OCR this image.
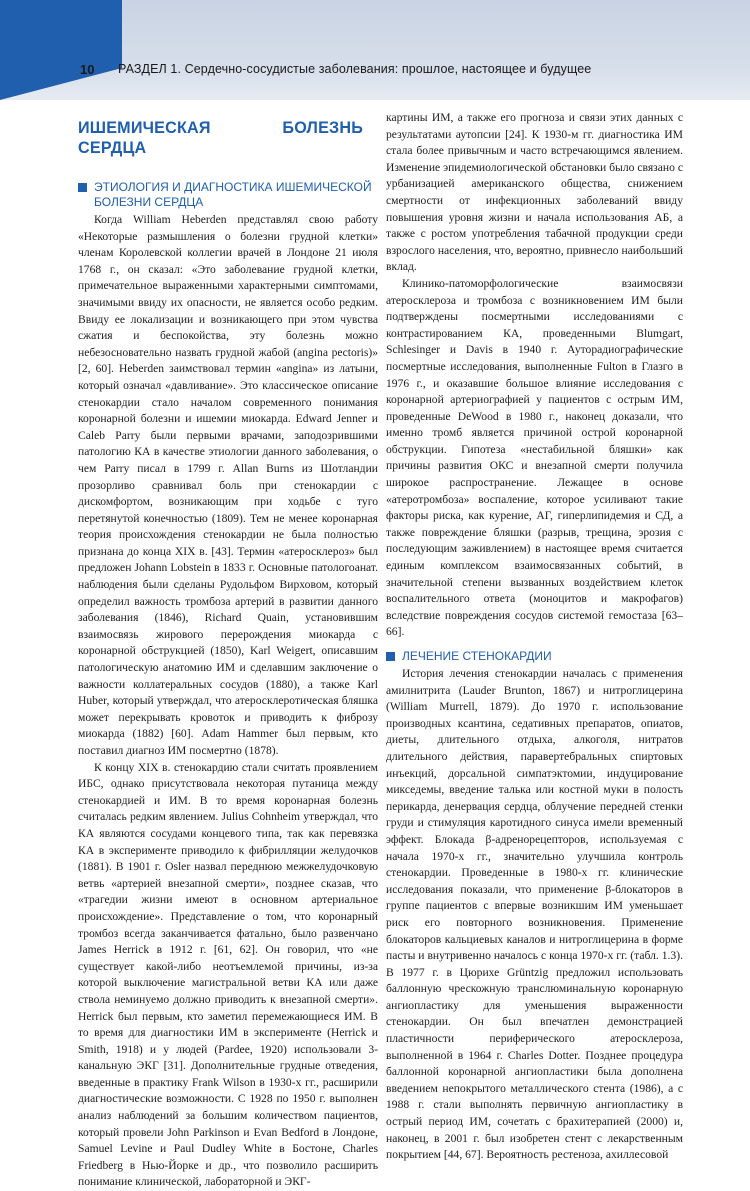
10 РАЗДЕЛ 1. Сердечно-сосудистые заболевания: прошлое, настоящее и будущее
ИШЕМИЧЕСКАЯ БОЛЕЗНЬ СЕРДЦА
ЭТИОЛОГИЯ И ДИАГНОСТИКА ИШЕМИЧЕСКОЙ БОЛЕЗНИ СЕРДЦА

Когда William Heberden представлял свою работу «Некоторые размышления о болезни грудной клетки» членам Королевской коллегии врачей в Лондоне 21 июля 1768 г., он сказал: «Это заболевание грудной клетки, примечательное выраженными характерными симптомами, значимыми ввиду их опасности, не является особо редким. Ввиду ее локализации и возникающего при этом чувства сжатия и беспокойства, эту болезнь можно небезосновательно назвать грудной жабой (angina pectoris)» [2, 60]. Heberden заимствовал термин «angina» из латыни, который означал «давливание». Это классическое описание стенокардии стало началом современного понимания коронарной болезни и ишемии миокарда. Edward Jenner и Caleb Parry были первыми врачами, заподозрившими патологию КА в качестве этиологии данного заболевания, о чем Parry писал в 1799 г. Allan Burns из Шотландии прозорливо сравнивал боль при стенокардии с дискомфортом, возникающим при ходьбе с туго перетянутой конечностью (1809). Тем не менее коронарная теория происхождения стенокардии не была полностью признана до конца XIX в. [43]. Термин «атеросклероз» был предложен Johann Lobstein в 1833 г. Основные патологоанат. наблюдения были сделаны Рудольфом Вирховом, который определил важность тромбоза артерий в развитии данного заболевания (1846), Richard Quain, установившим взаимосвязь жирового перерождения миокарда с коронарной обструкцией (1850), Karl Weigert, описавшим патологическую анатомию ИМ и сделавшим заключение о важности коллатеральных сосудов (1880), а также Karl Huber, который утверждал, что атеросклеротическая бляшка может перекрывать кровоток и приводить к фиброзу миокарда (1882) [60]. Adam Hammer был первым, кто поставил диагноз ИМ посмертно (1878).

К концу XIX в. стенокардию стали считать проявлением ИБС, однако присутствовала некоторая путаница между стенокардией и ИМ. В то время коронарная болезнь считалась редким явлением. Julius Cohnheim утверждал, что КА являются сосудами концевого типа, так как перевязка КА в эксперименте приводило к фибрилляции желудочков (1881). В 1901 г. Osler назвал переднюю межжелудочковую ветвь «артерией внезапной смерти», позднее сказав, что «трагедии жизни имеют в основном артериальное происхождение». Представление о том, что коронарный тромбоз всегда заканчивается фатально, было развенчано James Herrick в 1912 г. [61, 62]. Он говорил, что «не существует какой-либо неотъемлемой причины, из-за которой выключение магистральной ветви КА или даже ствола неминуемо должно приводить к внезапной смерти». Herrick был первым, кто заметил перемежающиеся ИМ. В то время для диагностики ИМ в эксперименте (Herrick и Smith, 1918) и у людей (Pardee, 1920) использовали 3-канальную ЭКГ [31]. Дополнительные грудные отведения, введенные в практику Frank Wilson в 1930-х гг., расширили диагностические возможности. С 1928 по 1950 г. выполнен анализ наблюдений за большим количеством пациентов, который провели John Parkinson и Evan Bedford в Лондоне, Samuel Levine и Paul Dudley White в Бостоне, Charles Friedberg в Нью-Йорке и др., что позволило расширить понимание клинической, лабораторной и ЭКГ-

картины ИМ, а также его прогноза и связи этих данных с результатами аутопсии [24]. К 1930-м гг. диагностика ИМ стала более привычным и часто встречающимся явлением. Изменение эпидемиологической обстановки было связано с урбанизацией американского общества, снижением смертности от инфекционных заболеваний ввиду повышения уровня жизни и начала использования АБ, а также с ростом употребления табачной продукции среди взрослого населения, что, вероятно, привнесло наибольший вклад.

Клинико-патоморфологические взаимосвязи атеросклероза и тромбоза с возникновением ИМ были подтверждены посмертными исследованиями с контрастированием КА, проведенными Blumgart, Schlesinger и Davis в 1940 г. Ауторадиографические посмертные исследования, выполненные Fulton в Глазго в 1976 г., и оказавшие большое влияние исследования с коронарной артериографией у пациентов с острым ИМ, проведенные DeWood в 1980 г., наконец доказали, что именно тромб является причиной острой коронарной обструкции. Гипотеза «нестабильной бляшки» как причины развития ОКС и внезапной смерти получила широкое распространение. Лежащее в основе «атеротромбоза» воспаление, которое усиливают такие факторы риска, как курение, АГ, гиперлипидемия и СД, а также повреждение бляшки (разрыв, трещина, эрозия с последующим заживлением) в настоящее время считается единым комплексом взаимосвязанных событий, в значительной степени вызванных воздействием клеток воспалительного ответа (моноцитов и макрофагов) вследствие повреждения сосудов системой гемостаза [63–66].

ЛЕЧЕНИЕ СТЕНОКАРДИИ

История лечения стенокардии началась с применения амилнитрита (Lauder Brunton, 1867) и нитроглицерина (William Murrell, 1879). До 1970 г. использование производных ксантина, седативных препаратов, опиатов, диеты, длительного отдыха, алкоголя, нитратов длительного действия, паравертебральных спиртовых инъекций, дорсальной симпатэктомии, индуцирование микседемы, введение талька или костной муки в полость перикарда, денервация сердца, облучение передней стенки груди и стимуляция каротидного синуса имели временный эффект. Блокада β-адренорецепторов, используемая с начала 1970-х гг., значительно улучшила контроль стенокардии. Проведенные в 1980-х гг. клинические исследования показали, что применение β-блокаторов в группе пациентов с впервые возникшим ИМ уменьшает риск его повторного возникновения. Применение блокаторов кальциевых каналов и нитроглицерина в форме пасты и внутривенно началось с конца 1970-х гг. (табл. 1.3). В 1977 г. в Цюрихе Grüntzig предложил использовать баллонную чрескожную транслюминальную коронарную ангиопластику для уменьшения выраженности стенокардии. Он был впечатлен демонстрацией пластичности периферического атеросклероза, выполненной в 1964 г. Charles Dotter. Позднее процедура баллонной коронарной ангиопластики была дополнена введением непокрытого металлического стента (1986), а с 1988 г. стали выполнять первичную ангиопластику в острый период ИМ, сочетать с брахитерапией (2000) и, наконец, в 2001 г. был изобретен стент с лекарственным покрытием [44, 67]. Вероятность рестеноза, ахиллесовой
